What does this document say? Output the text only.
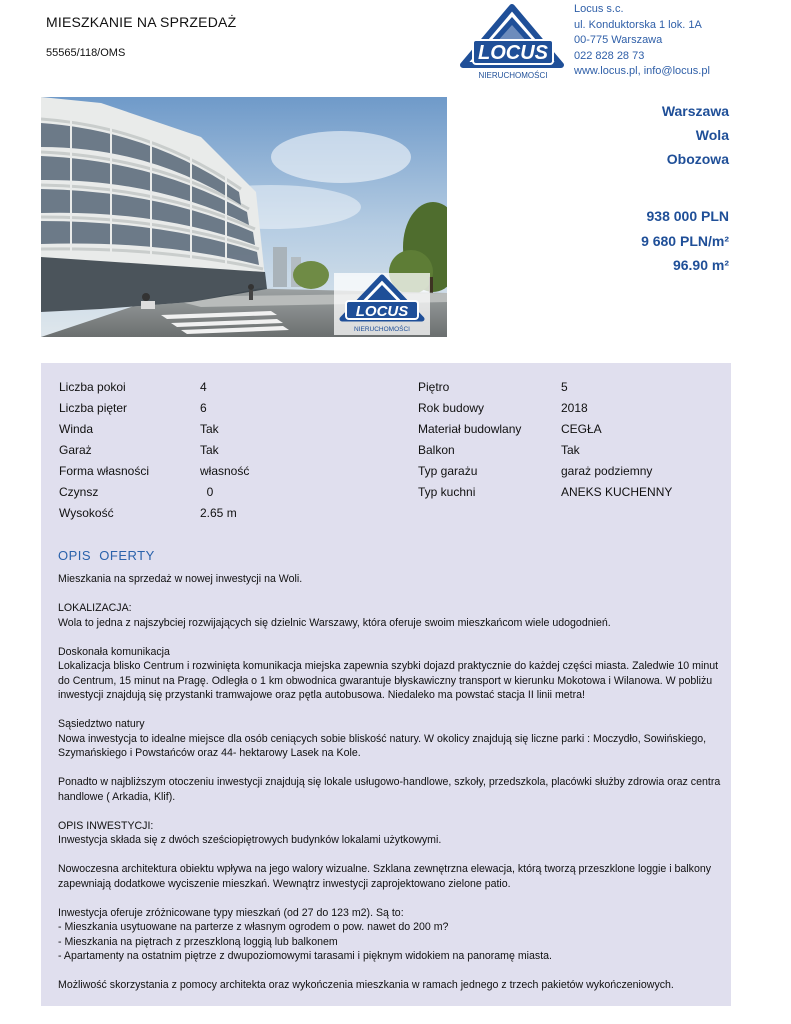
MIESZKANIE NA SPRZEDAŻ
55565/118/OMS	LOCUS
NIERUCHOMOŚCI
Locus s.c.
ul. Konduktorska 1 lok. 1A
00-775 Warszawa
022 828 28 73
www.locus.pl, info@locus.pl
LOCUS
NIERUCHOMOŚCI
Warszawa
Wola
Obozowa
938 000 PLN
9 680 PLN/m²
96.90 m²
Liczba pokoi	4
Liczba pięter	6
Winda	Tak
Garaż	Tak
Forma własności	własność
Czynsz	0
Wysokość	2.65 m
Piętro	5
Rok budowy	2018
Materiał budowlany	CEGŁA
Balkon	Tak
Typ garażu	garaż podziemny
Typ kuchni	ANEKS KUCHENNY
OPIS  OFERTY

Mieszkania na sprzedaż w nowej inwestycji na Woli.

LOKALIZACJA:

Wola to jedna z najszybciej rozwijających się dzielnic Warszawy, która oferuje swoim mieszkańcom wiele udogodnień.

Doskonała komunikacja

Lokalizacja blisko Centrum i rozwinięta komunikacja miejska zapewnia szybki dojazd praktycznie do każdej części miasta. Zaledwie 10 minut do Centrum, 15 minut na Pragę. Odległa o 1 km obwodnica gwarantuje błyskawiczny transport w kierunku Mokotowa i Wilanowa. W pobliżu inwestycji znajdują się przystanki tramwajowe oraz pętla autobusowa. Niedaleko ma powstać stacja II linii metra!

Sąsiedztwo natury

Nowa inwestycja to idealne miejsce dla osób ceniących sobie bliskość natury. W okolicy znajdują się liczne parki : Moczydło, Sowińskiego, Szymańskiego i Powstańców oraz 44- hektarowy Lasek na Kole.

Ponadto w najbliższym otoczeniu inwestycji znajdują się lokale usługowo-handlowe, szkoły, przedszkola, placówki służby zdrowia oraz centra handlowe ( Arkadia, Klif).

OPIS INWESTYCJI:

Inwestycja składa się z dwóch sześciopiętrowych budynków lokalami użytkowymi.

Nowoczesna architektura obiektu wpływa na jego walory wizualne. Szklana zewnętrzna elewacja, którą tworzą przeszklone loggie i balkony zapewniają dodatkowe wyciszenie mieszkań. Wewnątrz inwestycji zaprojektowano zielone patio.

Inwestycja oferuje zróżnicowane typy mieszkań (od 27 do 123 m2). Są to:

- Mieszkania usytuowane na parterze z własnym ogrodem o pow. nawet do 200 m?

- Mieszkania na piętrach z przeszkloną loggią lub balkonem

- Apartamenty na ostatnim piętrze z dwupoziomowymi tarasami i pięknym widokiem na panoramę miasta.

Możliwość skorzystania z pomocy architekta oraz wykończenia mieszkania w ramach jednego z trzech pakietów wykończeniowych.
